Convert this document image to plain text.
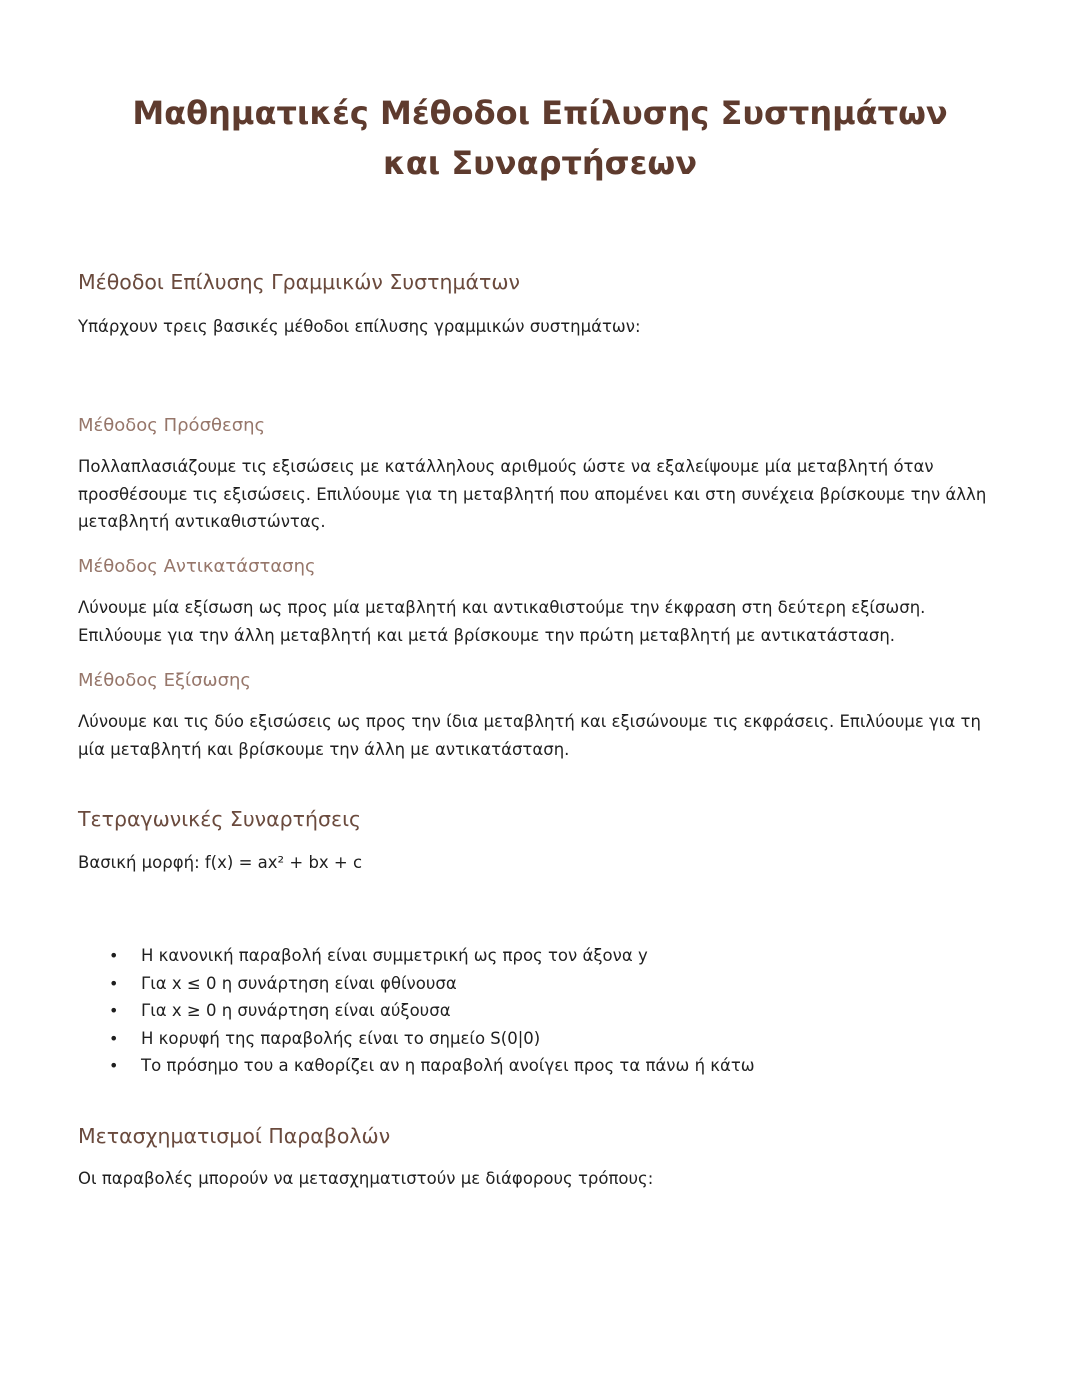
Μαθηματικές Μέθοδοι Επίλυσης Συστημάτων και Συναρτήσεων
Μέθοδοι Επίλυσης Γραμμικών Συστημάτων

Υπάρχουν τρεις βασικές μέθοδοι επίλυσης γραμμικών συστημάτων:

Μέθοδος Πρόσθεσης

Πολλαπλασιάζουμε τις εξισώσεις με κατάλληλους αριθμούς ώστε να εξαλείψουμε μία μεταβλητή όταν προσθέσουμε τις εξισώσεις. Επιλύουμε για τη μεταβλητή που απομένει και στη συνέχεια βρίσκουμε την άλλη μεταβλητή αντικαθιστώντας.

Μέθοδος Αντικατάστασης

Λύνουμε μία εξίσωση ως προς μία μεταβλητή και αντικαθιστούμε την έκφραση στη δεύτερη εξίσωση. Επιλύουμε για την άλλη μεταβλητή και μετά βρίσκουμε την πρώτη μεταβλητή με αντικατάσταση.

Μέθοδος Εξίσωσης

Λύνουμε και τις δύο εξισώσεις ως προς την ίδια μεταβλητή και εξισώνουμε τις εκφράσεις. Επιλύουμε για τη μία μεταβλητή και βρίσκουμε την άλλη με αντικατάσταση.

Τετραγωνικές Συναρτήσεις

Βασική μορφή: f(x) = ax² + bx + c

• Η κανονική παραβολή είναι συμμετρική ως προς τον άξονα y
• Για x ≤ 0 η συνάρτηση είναι φθίνουσα
• Για x ≥ 0 η συνάρτηση είναι αύξουσα
• Η κορυφή της παραβολής είναι το σημείο S(0|0)
• Το πρόσημο του a καθορίζει αν η παραβολή ανοίγει προς τα πάνω ή κάτω
Μετασχηματισμοί Παραβολών

Οι παραβολές μπορούν να μετασχηματιστούν με διάφορους τρόπους:
